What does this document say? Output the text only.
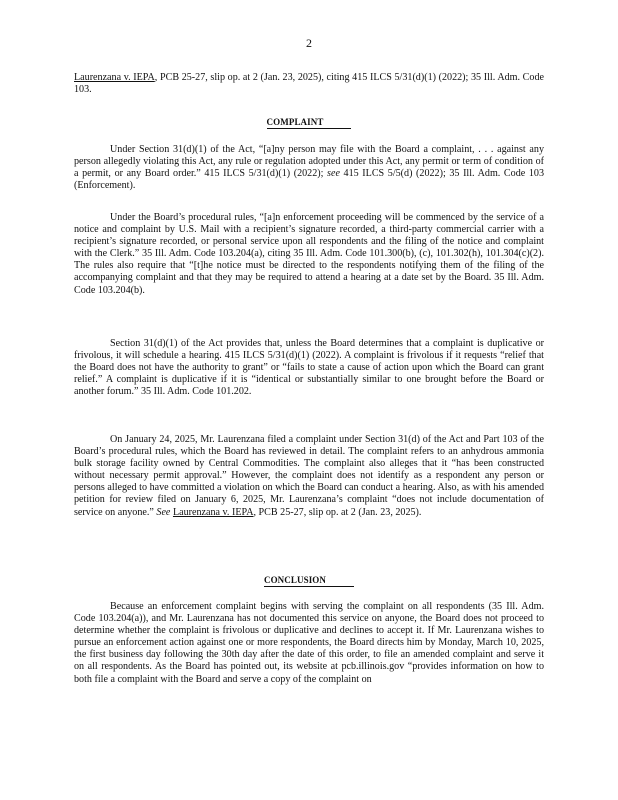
2

Laurenzana v. IEPA, PCB 25-27, slip op. at 2 (Jan. 23, 2025), citing 415 ILCS 5/31(d)(1) (2022); 35 Ill. Adm. Code 103.

COMPLAINT

Under Section 31(d)(1) of the Act, “[a]ny person may file with the Board a complaint, . . . against any person allegedly violating this Act, any rule or regulation adopted under this Act, any permit or term of condition of a permit, or any Board order.” 415 ILCS 5/31(d)(1) (2022); see 415 ILCS 5/5(d) (2022); 35 Ill. Adm. Code 103 (Enforcement).

Under the Board’s procedural rules, “[a]n enforcement proceeding will be commenced by the service of a notice and complaint by U.S. Mail with a recipient’s signature recorded, a third-party commercial carrier with a recipient’s signature recorded, or personal service upon all respondents and the filing of the notice and complaint with the Clerk.” 35 Ill. Adm. Code 103.204(a), citing 35 Ill. Adm. Code 101.300(b), (c), 101.302(h), 101.304(c)(2). The rules also require that “[t]he notice must be directed to the respondents notifying them of the filing of the accompanying complaint and that they may be required to attend a hearing at a date set by the Board. 35 Ill. Adm. Code 103.204(b).

Section 31(d)(1) of the Act provides that, unless the Board determines that a complaint is duplicative or frivolous, it will schedule a hearing. 415 ILCS 5/31(d)(1) (2022). A complaint is frivolous if it requests “relief that the Board does not have the authority to grant” or “fails to state a cause of action upon which the Board can grant relief.” A complaint is duplicative if it is “identical or substantially similar to one brought before the Board or another forum.” 35 Ill. Adm. Code 101.202.

On January 24, 2025, Mr. Laurenzana filed a complaint under Section 31(d) of the Act and Part 103 of the Board’s procedural rules, which the Board has reviewed in detail. The complaint refers to an anhydrous ammonia bulk storage facility owned by Central Commodities. The complaint also alleges that it “has been constructed without necessary permit approval.” However, the complaint does not identify as a respondent any person or persons alleged to have committed a violation on which the Board can conduct a hearing. Also, as with his amended petition for review filed on January 6, 2025, Mr. Laurenzana’s complaint “does not include documentation of service on anyone.” See Laurenzana v. IEPA, PCB 25-27, slip op. at 2 (Jan. 23, 2025).

CONCLUSION

Because an enforcement complaint begins with serving the complaint on all respondents (35 Ill. Adm. Code 103.204(a)), and Mr. Laurenzana has not documented this service on anyone, the Board does not proceed to determine whether the complaint is frivolous or duplicative and declines to accept it. If Mr. Laurenzana wishes to pursue an enforcement action against one or more respondents, the Board directs him by Monday, March 10, 2025, the first business day following the 30th day after the date of this order, to file an amended complaint and serve it on all respondents. As the Board has pointed out, its website at pcb.illinois.gov “provides information on how to both file a complaint with the Board and serve a copy of the complaint on
